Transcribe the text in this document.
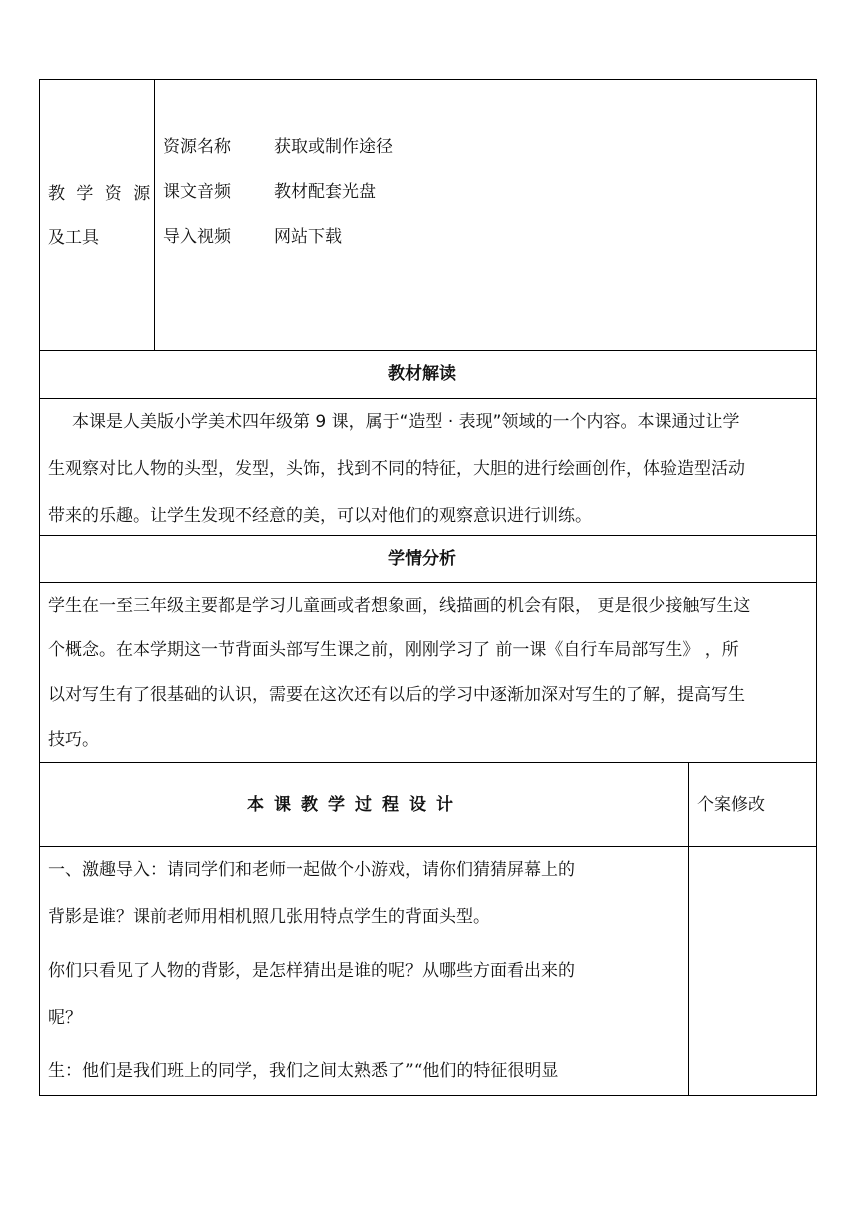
教 学 资 源
及工具
资源名称	获取或制作途径
课文音频	教材配套光盘
导入视频	网站下载
教材解读
本课是人美版小学美术四年级第 9 课，属于“造型 · 表现”领域的一个内容。本课通过让学
生观察对比人物的头型，发型，头饰，找到不同的特征，大胆的进行绘画创作，体验造型活动
带来的乐趣。让学生发现不经意的美，可以对他们的观察意识进行训练。
学情分析
学生在一至三年级主要都是学习儿童画或者想象画，线描画的机会有限， 更是很少接触写生这
个概念。在本学期这一节背面头部写生课之前，刚刚学习了 前一课《自行车局部写生》 ，所
以对写生有了很基础的认识，需要在这次还有以后的学习中逐渐加深对写生的了解，提高写生
技巧。
本课教学过程设计	个案修改
一、激趣导入：请同学们和老师一起做个小游戏，请你们猜猜屏幕上的
背影是谁？课前老师用相机照几张用特点学生的背面头型。
你们只看见了人物的背影，是怎样猜出是谁的呢？从哪些方面看出来的
呢？
生：他们是我们班上的同学，我们之间太熟悉了”“他们的特征很明显
